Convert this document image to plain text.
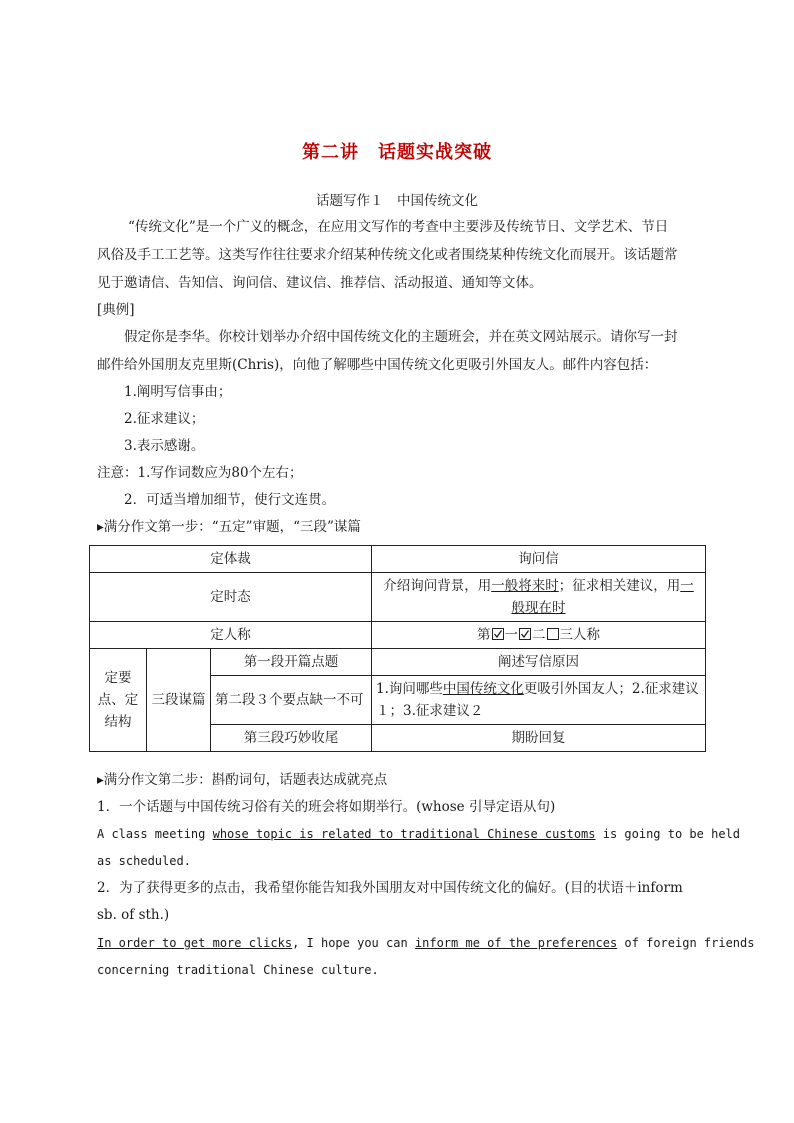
第二讲　话题实战突破
话题写作１　中国传统文化
“传统文化”是一个广义的概念，在应用文写作的考查中主要涉及传统节日、文学艺术、节日
风俗及手工工艺等。这类写作往往要求介绍某种传统文化或者围绕某种传统文化而展开。该话题常
见于邀请信、告知信、询问信、建议信、推荐信、活动报道、通知等文体。
[典例]
假定你是李华。你校计划举办介绍中国传统文化的主题班会，并在英文网站展示。请你写一封
邮件给外国朋友克里斯(Chris)，向他了解哪些中国传统文化更吸引外国友人。邮件内容包括：
1.阐明写信事由；
2.征求建议；
3.表示感谢。
注意：1.写作词数应为80个左右；
2．可适当增加细节，使行文连贯。
▸满分作文第一步：“五定”审题，“三段”谋篇
定体裁			询问信
定时态			介绍询问背景，用一般将来时；征求相关建议，用一
般现在时
定人称			第 一 二 三人称
定要点、定结构	三段谋篇	第一段开篇点题	阐述写信原因
		第二段３个要点缺一不可	1.询问哪些中国传统文化更吸引外国友人；2.征求建议１；3.征求建议２
		第三段巧妙收尾	期盼回复
▸满分作文第二步：斟酌词句，话题表达成就亮点
1．一个话题与中国传统习俗有关的班会将如期举行。(whose 引导定语从句)
A class meeting whose topic is related to traditional Chinese customs is going to be held
as scheduled.
2．为了获得更多的点击，我希望你能告知我外国朋友对中国传统文化的偏好。(目的状语＋inform
sb. of sth.)
In order to get more clicks, I hope you can inform me of the preferences of foreign friends
concerning traditional Chinese culture.
